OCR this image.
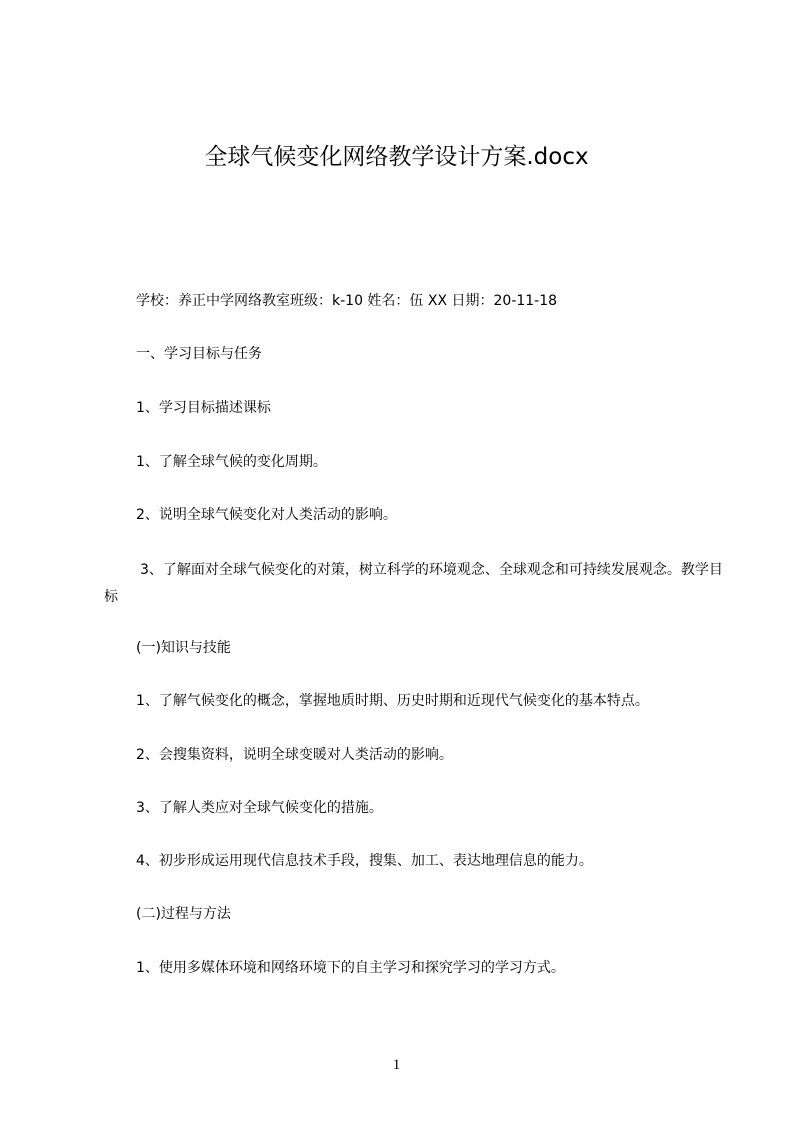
全球气候变化网络教学设计方案.docx
学校：养正中学网络教室班级：k-10 姓名：伍 XX 日期：20-11-18
一、学习目标与任务
1、学习目标描述课标
1、了解全球气候的变化周期。
2、说明全球气候变化对人类活动的影响。
3、了解面对全球气候变化的对策，树立科学的环境观念、全球观念和可持续发展观念。教学目标
(一)知识与技能
1、了解气候变化的概念，掌握地质时期、历史时期和近现代气候变化的基本特点。
2、会搜集资料，说明全球变暖对人类活动的影响。
3、了解人类应对全球气候变化的措施。
4、初步形成运用现代信息技术手段，搜集、加工、表达地理信息的能力。
(二)过程与方法
1、使用多媒体环境和网络环境下的自主学习和探究学习的学习方式。
1
